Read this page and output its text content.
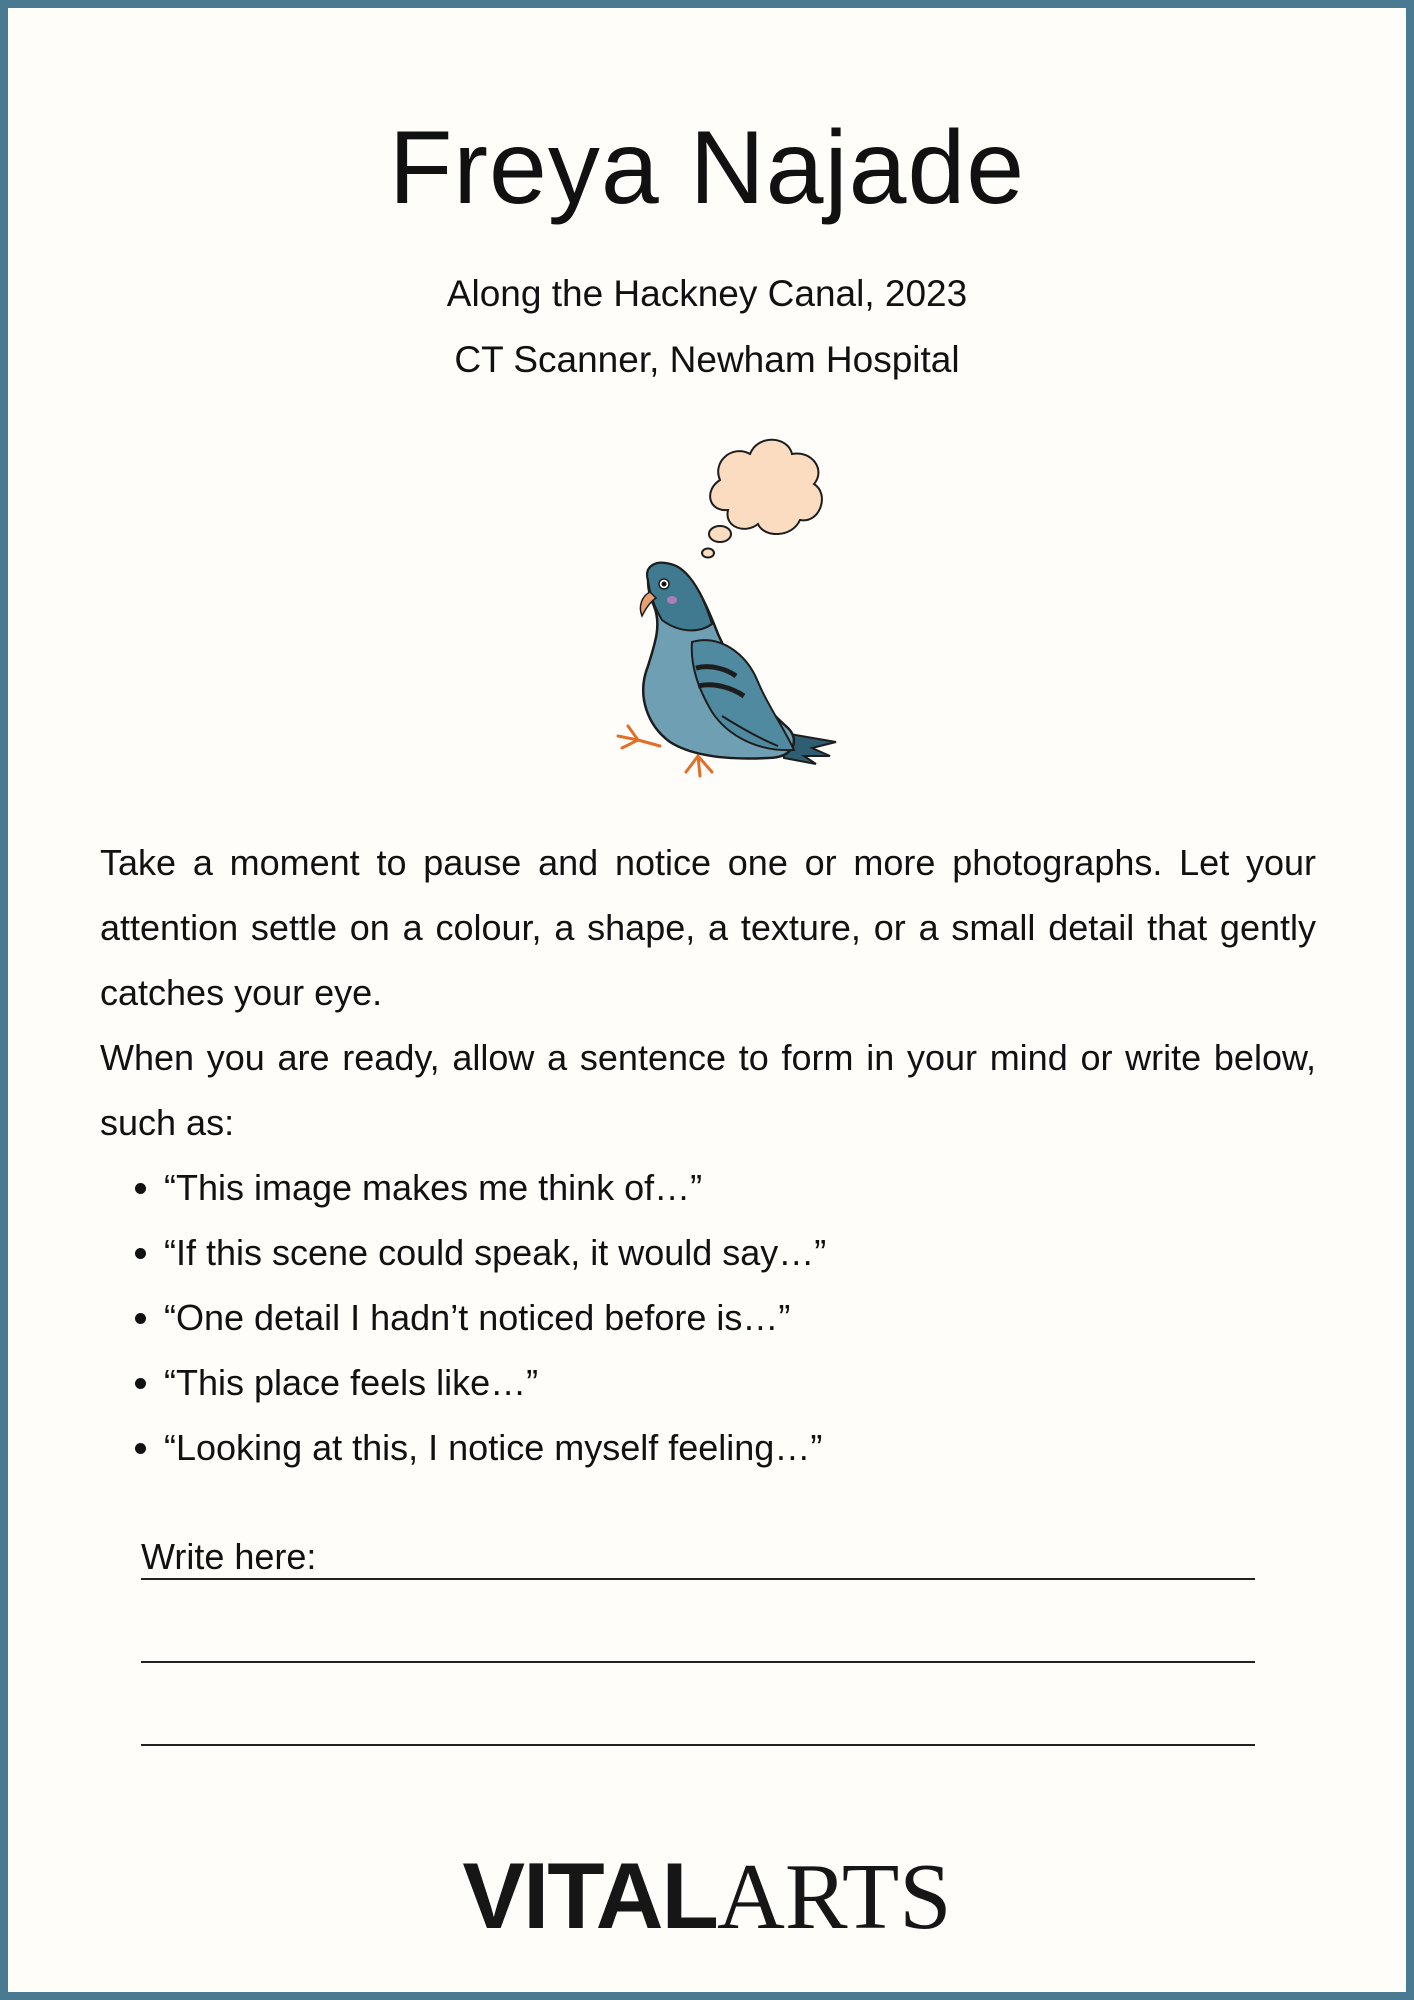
Freya Najade
Along the Hackney Canal, 2023
CT Scanner, Newham Hospital

Take a moment to pause and notice one or more photographs. Let your attention settle on a colour, a shape, a texture, or a small detail that gently catches your eye.

When you are ready, allow a sentence to form in your mind or write below, such as:

• “This image makes me think of…”
• “If this scene could speak, it would say…”
• “One detail I hadn’t noticed before is…”
• “This place feels like…”
• “Looking at this, I notice myself feeling…”
Write here:
VITALARTS
